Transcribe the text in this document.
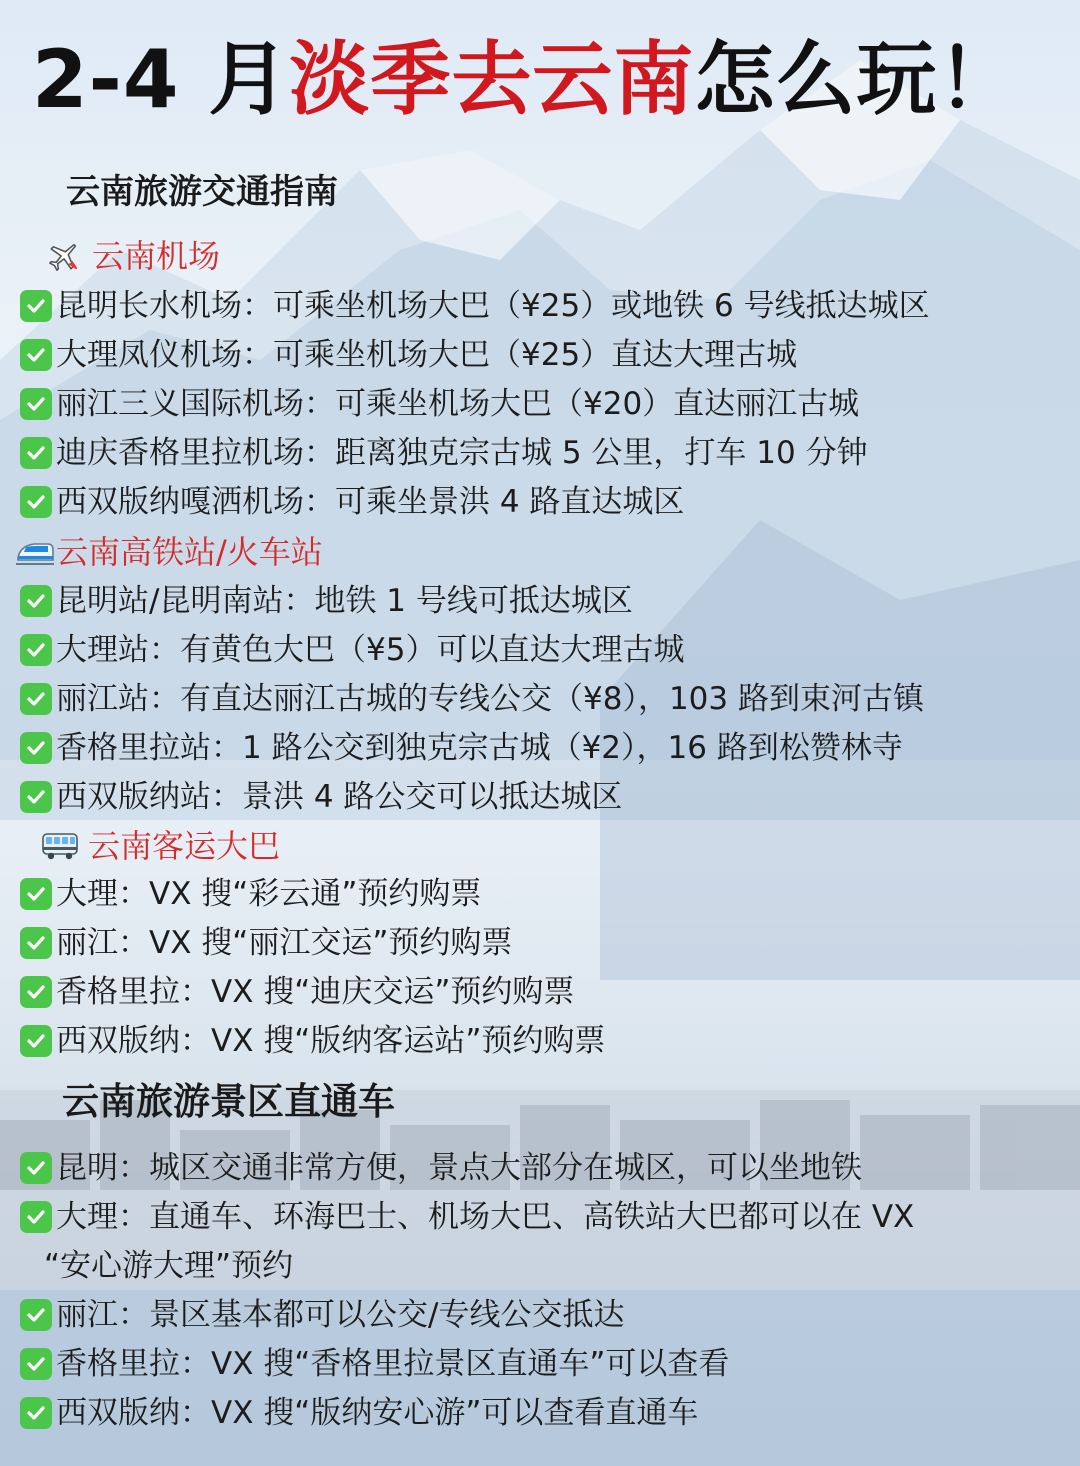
2-4 月淡季去云南怎么玩！
云南旅游交通指南
云南机场
昆明长水机场：可乘坐机场大巴（¥25）或地铁 6 号线抵达城区
大理凤仪机场：可乘坐机场大巴（¥25）直达大理古城
丽江三义国际机场：可乘坐机场大巴（¥20）直达丽江古城
迪庆香格里拉机场：距离独克宗古城 5 公里，打车 10 分钟
西双版纳嘎洒机场：可乘坐景洪 4 路直达城区
云南高铁站/火车站
昆明站/昆明南站：地铁 1 号线可抵达城区
大理站：有黄色大巴（¥5）可以直达大理古城
丽江站：有直达丽江古城的专线公交（¥8），103 路到束河古镇
香格里拉站：1 路公交到独克宗古城（¥2），16 路到松赞林寺
西双版纳站：景洪 4 路公交可以抵达城区
云南客运大巴
大理：VX 搜“彩云通”预约购票
丽江：VX 搜“丽江交运”预约购票
香格里拉：VX 搜“迪庆交运”预约购票
西双版纳：VX 搜“版纳客运站”预约购票
云南旅游景区直通车
昆明：城区交通非常方便，景点大部分在城区，可以坐地铁
大理：直通车、环海巴士、机场大巴、高铁站大巴都可以在 VX
“安心游大理”预约
丽江：景区基本都可以公交/专线公交抵达
香格里拉：VX 搜“香格里拉景区直通车”可以查看
西双版纳：VX 搜“版纳安心游”可以查看直通车
